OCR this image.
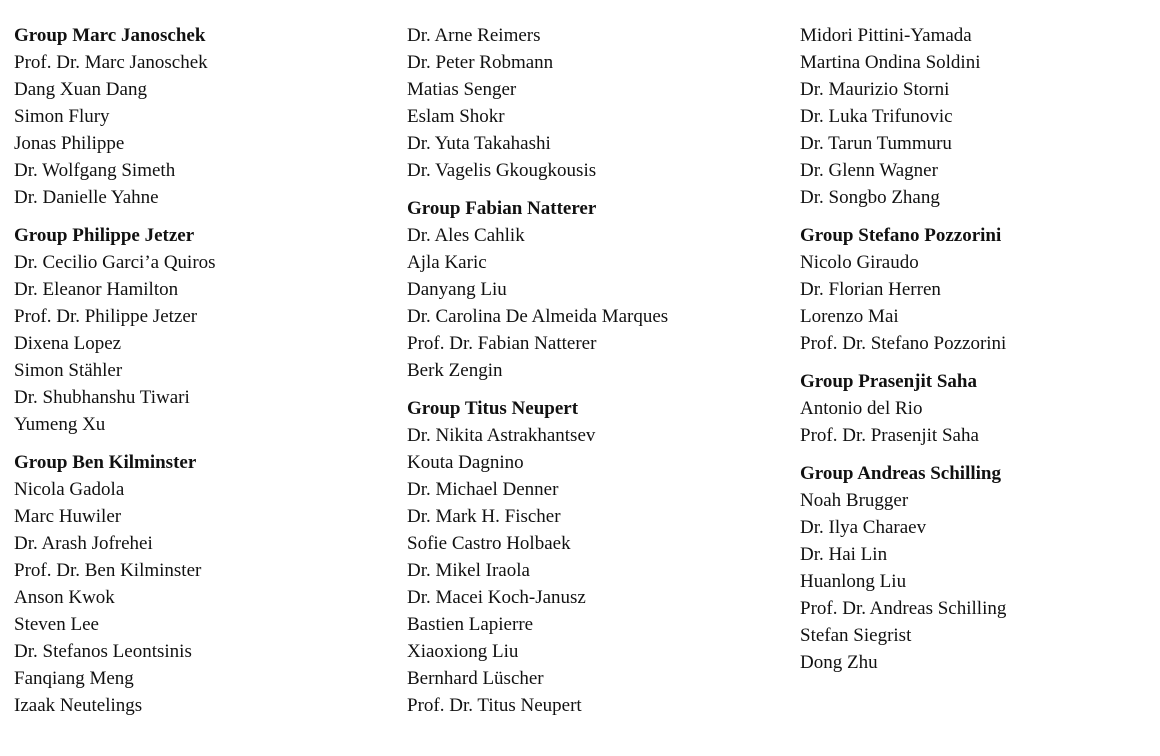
Group Marc Janoschek
Prof. Dr. Marc Janoschek
Dang Xuan Dang
Simon Flury
Jonas Philippe
Dr. Wolfgang Simeth
Dr. Danielle Yahne
Group Philippe Jetzer
Dr. Cecilio Garci’a Quiros
Dr. Eleanor Hamilton
Prof. Dr. Philippe Jetzer
Dixena Lopez
Simon Stähler
Dr. Shubhanshu Tiwari
Yumeng Xu
Group Ben Kilminster
Nicola Gadola
Marc Huwiler
Dr. Arash Jofrehei
Prof. Dr. Ben Kilminster
Anson Kwok
Steven Lee
Dr. Stefanos Leontsinis
Fanqiang Meng
Izaak Neutelings
Dr. Arne Reimers
Dr. Peter Robmann
Matias Senger
Eslam Shokr
Dr. Yuta Takahashi
Dr. Vagelis Gkougkousis
Group Fabian Natterer
Dr. Ales Cahlik
Ajla Karic
Danyang Liu
Dr. Carolina De Almeida Marques
Prof. Dr. Fabian Natterer
Berk Zengin
Group Titus Neupert
Dr. Nikita Astrakhantsev
Kouta Dagnino
Dr. Michael Denner
Dr. Mark H. Fischer
Sofie Castro Holbaek
Dr. Mikel Iraola
Dr. Macei Koch-Janusz
Bastien Lapierre
Xiaoxiong Liu
Bernhard Lüscher
Prof. Dr. Titus Neupert
Midori Pittini-Yamada
Martina Ondina Soldini
Dr. Maurizio Storni
Dr. Luka Trifunovic
Dr. Tarun Tummuru
Dr. Glenn Wagner
Dr. Songbo Zhang
Group Stefano Pozzorini
Nicolo Giraudo
Dr. Florian Herren
Lorenzo Mai
Prof. Dr. Stefano Pozzorini
Group Prasenjit Saha
Antonio del Rio
Prof. Dr. Prasenjit Saha
Group Andreas Schilling
Noah Brugger
Dr. Ilya Charaev
Dr. Hai Lin
Huanlong Liu
Prof. Dr. Andreas Schilling
Stefan Siegrist
Dong Zhu
